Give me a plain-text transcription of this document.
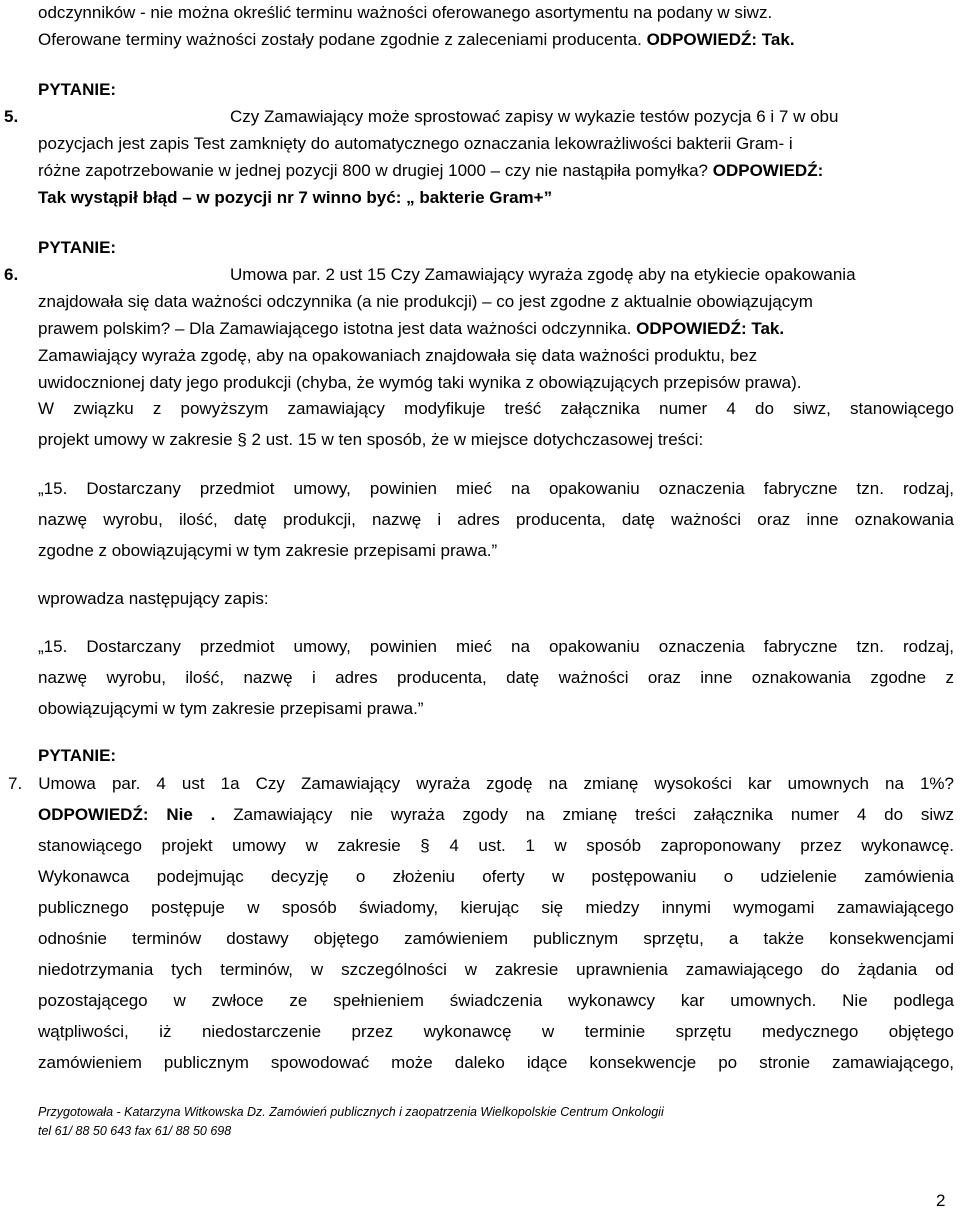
odczynników - nie można określić terminu ważności oferowanego asortymentu na podany w siwz.
Oferowane terminy ważności zostały podane zgodnie z zaleceniami producenta. ODPOWIEDŹ: Tak.
PYTANIE:
5.	Czy Zamawiający może sprostować zapisy w wykazie testów pozycja 6 i 7 w obu
pozycjach jest zapis Test zamknięty do automatycznego oznaczania lekowrażliwości bakterii Gram- i
różne zapotrzebowanie w jednej pozycji 800 w drugiej 1000 – czy nie nastąpiła pomyłka? ODPOWIEDŹ:
Tak wystąpił błąd – w pozycji nr 7 winno być: „ bakterie Gram+”
PYTANIE:
6.	Umowa par. 2 ust 15 Czy Zamawiający wyraża zgodę aby na etykiecie opakowania
znajdowała się data ważności odczynnika (a nie produkcji) – co jest zgodne z aktualnie obowiązującym
prawem polskim? – Dla Zamawiającego istotna jest data ważności odczynnika. ODPOWIEDŹ: Tak.
Zamawiający wyraża zgodę, aby na opakowaniach znajdowała się data ważności produktu, bez
uwidocznionej daty jego produkcji (chyba, że wymóg taki wynika z obowiązujących przepisów prawa).
W związku z powyższym zamawiający modyfikuje treść załącznika numer 4 do siwz, stanowiącego
projekt umowy w zakresie § 2 ust. 15 w ten sposób, że w miejsce dotychczasowej treści:
„15. Dostarczany przedmiot umowy, powinien mieć na opakowaniu oznaczenia fabryczne tzn. rodzaj,
nazwę wyrobu, ilość, datę produkcji, nazwę i adres producenta, datę ważności oraz inne oznakowania
zgodne z obowiązującymi w tym zakresie przepisami prawa.”
wprowadza następujący zapis:
„15. Dostarczany przedmiot umowy, powinien mieć na opakowaniu oznaczenia fabryczne tzn. rodzaj,
nazwę wyrobu, ilość, nazwę i adres producenta, datę ważności oraz inne oznakowania zgodne z
obowiązującymi w tym zakresie przepisami prawa.”
PYTANIE:
7. Umowa par. 4 ust 1a Czy Zamawiający wyraża zgodę na zmianę wysokości kar umownych na 1%?
ODPOWIEDŹ: Nie . Zamawiający nie wyraża zgody na zmianę treści załącznika numer 4 do siwz
stanowiącego projekt umowy w zakresie § 4 ust. 1 w sposób zaproponowany przez wykonawcę.
Wykonawca podejmując decyzję o złożeniu oferty w postępowaniu o udzielenie zamówienia
publicznego postępuje w sposób świadomy, kierując się miedzy innymi wymogami zamawiającego
odnośnie terminów dostawy objętego zamówieniem publicznym sprzętu, a także konsekwencjami
niedotrzymania tych terminów, w szczególności w zakresie uprawnienia zamawiającego do żądania od
pozostającego w zwłoce ze spełnieniem świadczenia wykonawcy kar umownych. Nie podlega
wątpliwości, iż niedostarczenie przez wykonawcę w terminie sprzętu medycznego objętego
zamówieniem publicznym spowodować może daleko idące konsekwencje po stronie zamawiającego,
Przygotowała - Katarzyna Witkowska Dz. Zamówień publicznych i zaopatrzenia Wielkopolskie Centrum Onkologii
tel 61/ 88 50 643 fax 61/ 88 50 698
2
